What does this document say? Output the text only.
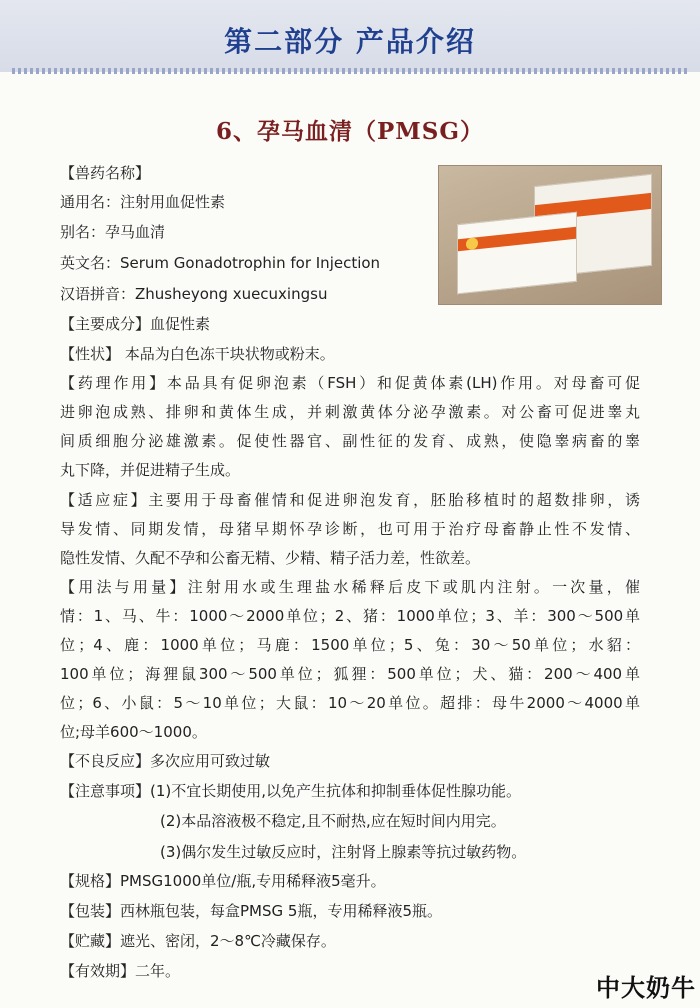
第二部分 产品介绍
6、孕马血清（PMSG）
【兽药名称】
通用名：注射用血促性素
别名：孕马血清
英文名：Serum Gonadotrophin for Injection
汉语拼音：Zhusheyong xuecuxingsu
【主要成分】血促性素
【性状】 本品为白色冻干块状物或粉末。
【药理作用】本品具有促卵泡素（FSH）和促黄体素(LH)作用。对母畜可促
进卵泡成熟、排卵和黄体生成，并刺激黄体分泌孕激素。对公畜可促进睾丸
间质细胞分泌雄激素。促使性器官、副性征的发育、成熟，使隐睾病畜的睾
丸下降，并促进精子生成。
【适应症】主要用于母畜催情和促进卵泡发育，胚胎移植时的超数排卵，诱
导发情、同期发情，母猪早期怀孕诊断，也可用于治疗母畜静止性不发情、
隐性发情、久配不孕和公畜无精、少精、精子活力差，性欲差。
【用法与用量】注射用水或生理盐水稀释后皮下或肌内注射。一次量，催
情：1、马、牛：1000～2000单位；2、猪：1000单位；3、羊：300～500单
位；4、鹿：1000单位；马鹿：1500单位；5、兔：30～50单位；水貂：
100单位；海狸鼠300～500单位；狐狸：500单位；犬、猫：200～400单
位；6、小鼠：5～10单位；大鼠：10～20单位。超排：母牛2000～4000单
位;母羊600～1000。
【不良反应】多次应用可致过敏
【注意事项】(1)不宜长期使用,以免产生抗体和抑制垂体促性腺功能。
(2)本品溶液极不稳定,且不耐热,应在短时间内用完。
(3)偶尔发生过敏反应时，注射肾上腺素等抗过敏药物。
【规格】PMSG1000单位/瓶,专用稀释液5毫升。
【包装】西林瓶包装，每盒PMSG 5瓶，专用稀释液5瓶。
【贮藏】遮光、密闭，2～8℃冷藏保存。
【有效期】二年。
中大奶牛
